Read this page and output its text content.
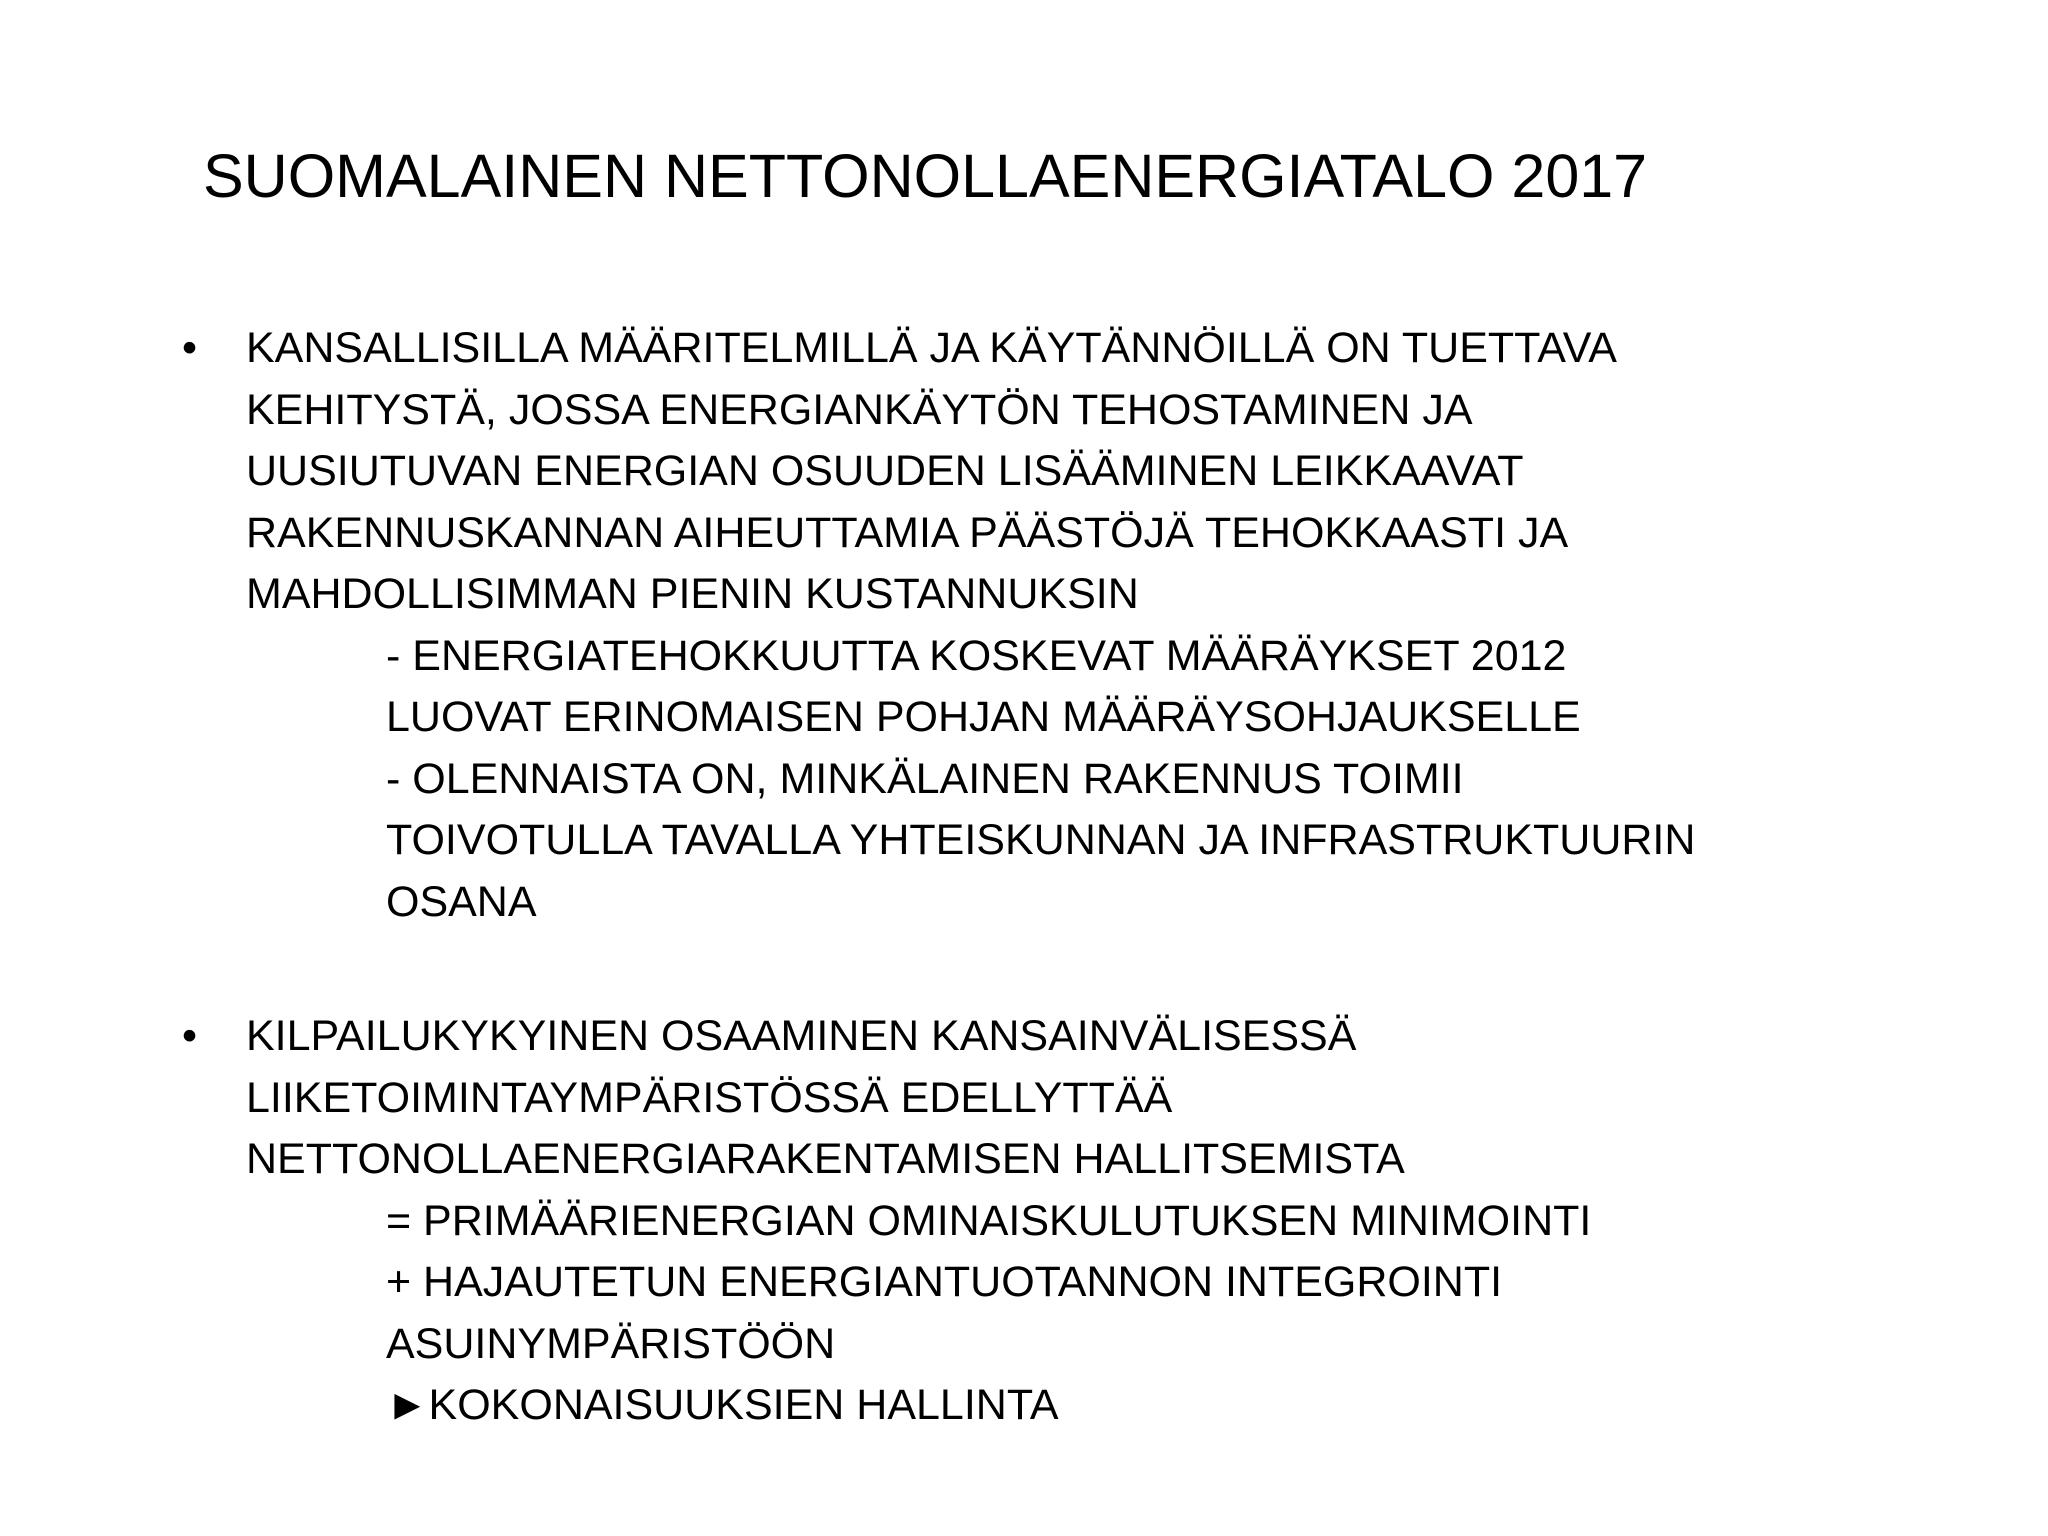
SUOMALAINEN NETTONOLLAENERGIATALO 2017
• KANSALLISILLA MÄÄRITELMILLÄ JA KÄYTÄNNÖILLÄ ON TUETTAVA
KEHITYSTÄ, JOSSA ENERGIANKÄYTÖN TEHOSTAMINEN JA
UUSIUTUVAN ENERGIAN OSUUDEN LISÄÄMINEN LEIKKAAVAT
RAKENNUSKANNAN AIHEUTTAMIA PÄÄSTÖJÄ TEHOKKAASTI JA
MAHDOLLISIMMAN PIENIN KUSTANNUKSIN
- ENERGIATEHOKKUUTTA KOSKEVAT MÄÄRÄYKSET 2012
LUOVAT ERINOMAISEN POHJAN MÄÄRÄYSOHJAUKSELLE
- OLENNAISTA ON, MINKÄLAINEN RAKENNUS TOIMII
TOIVOTULLA TAVALLA YHTEISKUNNAN JA INFRASTRUKTUURIN
OSANA
• KILPAILUKYKYINEN OSAAMINEN KANSAINVÄLISESSÄ
LIIKETOIMINTAYMPÄRISTÖSSÄ EDELLYTTÄÄ
NETTONOLLAENERGIARAKENTAMISEN HALLITSEMISTA
= PRIMÄÄRIENERGIAN OMINAISKULUTUKSEN MINIMOINTI
+ HAJAUTETUN ENERGIANTUOTANNON INTEGROINTI
ASUINYMPÄRISTÖÖN
►KOKONAISUUKSIEN HALLINTA
